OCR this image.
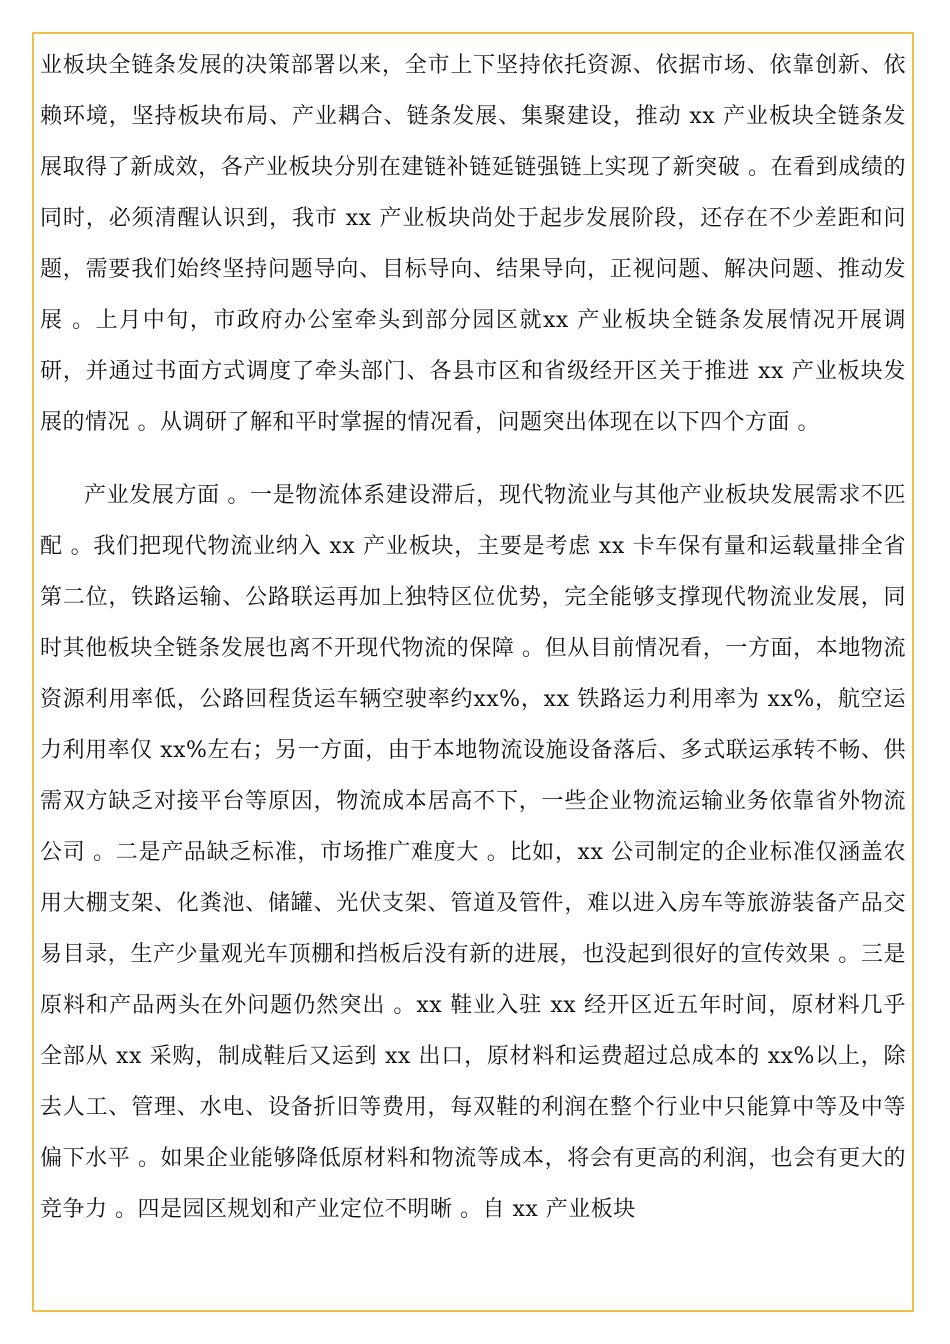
业板块全链条发展的决策部署以来，全市上下坚持依托资源、依据市场、依靠创新、依赖环境，坚持板块布局、产业耦合、链条发展、集聚建设，推动 xx 产业板块全链条发展取得了新成效，各产业板块分别在建链补链延链强链上实现了新突破 。在看到成绩的同时，必须清醒认识到，我市 xx 产业板块尚处于起步发展阶段，还存在不少差距和问题，需要我们始终坚持问题导向、目标导向、结果导向，正视问题、解决问题、推动发展 。上月中旬，市政府办公室牵头到部分园区就xx 产业板块全链条发展情况开展调研，并通过书面方式调度了牵头部门、各县市区和省级经开区关于推进 xx 产业板块发展的情况 。从调研了解和平时掌握的情况看，问题突出体现在以下四个方面 。

产业发展方面 。一是物流体系建设滞后，现代物流业与其他产业板块发展需求不匹配 。我们把现代物流业纳入 xx 产业板块，主要是考虑 xx 卡车保有量和运载量排全省第二位，铁路运输、公路联运再加上独特区位优势，完全能够支撑现代物流业发展，同时其他板块全链条发展也离不开现代物流的保障 。但从目前情况看，一方面，本地物流资源利用率低，公路回程货运车辆空驶率约xx%，xx 铁路运力利用率为 xx%，航空运力利用率仅 xx%左右；另一方面，由于本地物流设施设备落后、多式联运承转不畅、供需双方缺乏对接平台等原因，物流成本居高不下，一些企业物流运输业务依靠省外物流公司 。二是产品缺乏标准，市场推广难度大 。比如，xx 公司制定的企业标准仅涵盖农用大棚支架、化粪池、储罐、光伏支架、管道及管件，难以进入房车等旅游装备产品交易目录，生产少量观光车顶棚和挡板后没有新的进展，也没起到很好的宣传效果 。三是原料和产品两头在外问题仍然突出 。xx 鞋业入驻 xx 经开区近五年时间，原材料几乎全部从 xx 采购，制成鞋后又运到 xx 出口，原材料和运费超过总成本的 xx%以上，除去人工、管理、水电、设备折旧等费用，每双鞋的利润在整个行业中只能算中等及中等偏下水平 。如果企业能够降低原材料和物流等成本，将会有更高的利润，也会有更大的竞争力 。四是园区规划和产业定位不明晰 。自 xx 产业板块
